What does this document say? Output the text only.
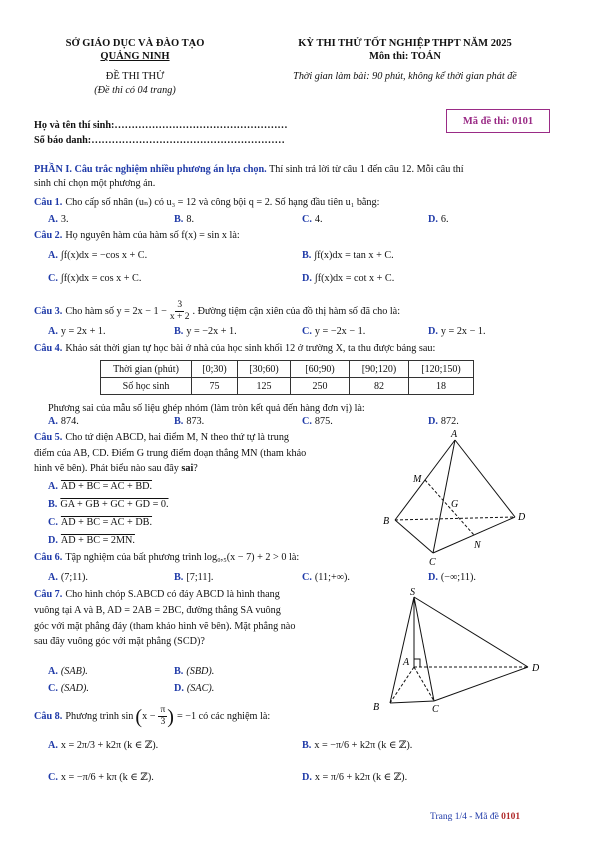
SỞ GIÁO DỤC VÀ ĐÀO TẠO
QUẢNG NINH
ĐỀ THI THỬ
(Đề thi có 04 trang)
KỲ THI THỬ TỐT NGHIỆP THPT NĂM 2025
Môn thi: TOÁN
Thời gian làm bài: 90 phút, không kể thời gian phát đề
Mã đề thi: 0101
Họ và tên thí sinh:……………………………………………
Số báo danh:…………………………………………………
PHẦN I. Câu trắc nghiệm nhiều phương án lựa chọn. Thí sinh trả lời từ câu 1 đến câu 12. Mỗi câu thí
sinh chỉ chọn một phương án.
Câu 1. Cho cấp số nhân (uₙ) có u₃ = 12 và công bội q = 2. Số hạng đầu tiên u₁ bằng:
A. 3.	B. 8.	C. 4.	D. 6.
Câu 2. Họ nguyên hàm của hàm số f(x) = sin x là:
A. ∫f(x)dx = −cos x + C.	B. ∫f(x)dx = tan x + C.
C. ∫f(x)dx = cos x + C.	D. ∫f(x)dx = cot x + C.
Câu 3. Cho hàm số $y = 2x - 1 - \frac{3}{x + 2}$ . Đường tiệm cận xiên của đồ thị hàm số đã cho là:
A. y = 2x + 1.	B. y = −2x + 1.	C. y = −2x − 1.	D. y = 2x − 1.
Câu 4. Khảo sát thời gian tự học bài ở nhà của học sinh khối 12 ở trường X, ta thu được bảng sau:
Thời gian (phút)	[0;30)	[30;60)	[60;90)	[90;120)	[120;150)
Số học sinh	75	125	250	82	18
Phương sai của mẫu số liệu ghép nhóm (làm tròn kết quả đến hàng đơn vị) là:
A. 874.	B. 873.	C. 875.	D. 872.
Câu 5. Cho tứ diện ABCD, hai điểm M, N theo thứ tự là trung
điểm của AB, CD. Điểm G trung điểm đoạn thẳng MN (tham khảo
hình vẽ bên). Phát biểu nào sau đây sai?
A. AD + BC = AC + BD.
B. GA + GB + GC + GD = 0.
C. AD + BC = AC + DB.
D. AD + BC = 2MN.
A
M
G
B	D
N
C
Câu 6. Tập nghiệm của bất phương trình log₀,₅(x − 7) + 2 > 0 là:
A. (7;11).	B. [7;11].	C. (11;+∞).	D. (−∞;11).
Câu 7. Cho hình chóp S.ABCD có đáy ABCD là hình thang
vuông tại A và B, AD = 2AB = 2BC, đường thẳng SA vuông
góc với mặt phẳng đáy (tham khảo hình vẽ bên). Mặt phẳng nào
sau đây vuông góc với mặt phẳng (SCD)?
A. (SAB).	B. (SBD).
C. (SAD).	D. (SAC).
S
A
D
B	C
Câu 8. Phương trình sin ( $x - \frac{\pi}{3}$ ) = −1 có các nghiệm là:
A. x = 2π/3 + k2π (k ∈ ℤ).	B. x = −π/6 + k2π (k ∈ ℤ).
C. x = −π/6 + kπ (k ∈ ℤ).	D. x = π/6 + k2π (k ∈ ℤ).
Trang 1/4 - Mã đề 0101
